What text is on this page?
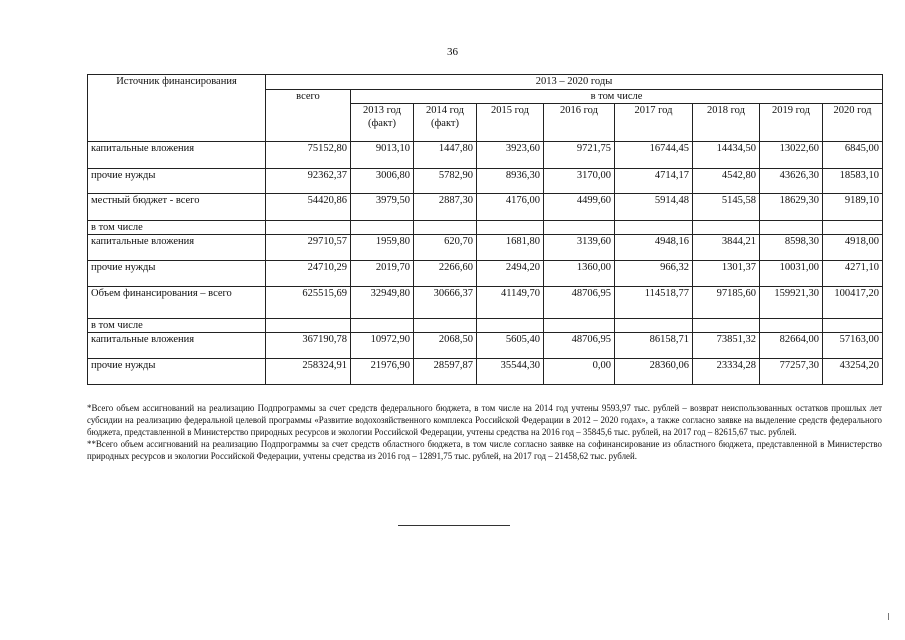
36
Источник финансирования	2013 – 2020 годы								
	всего	в том числе							
		2013 год (факт)	2014 год (факт)	2015 год	2016 год	2017 год	2018 год	2019 год	2020 год
капитальные вложения	75152,80	9013,10	1447,80	3923,60	9721,75	16744,45	14434,50	13022,60	6845,00
прочие нужды	92362,37	3006,80	5782,90	8936,30	3170,00	4714,17	4542,80	43626,30	18583,10
местный бюджет - всего	54420,86	3979,50	2887,30	4176,00	4499,60	5914,48	5145,58	18629,30	9189,10
в том числе									
капитальные вложения	29710,57	1959,80	620,70	1681,80	3139,60	4948,16	3844,21	8598,30	4918,00
прочие нужды	24710,29	2019,70	2266,60	2494,20	1360,00	966,32	1301,37	10031,00	4271,10
Объем финансирования – всего	625515,69	32949,80	30666,37	41149,70	48706,95	114518,77	97185,60	159921,30	100417,20
в том числе									
капитальные вложения	367190,78	10972,90	2068,50	5605,40	48706,95	86158,71	73851,32	82664,00	57163,00
прочие нужды	258324,91	21976,90	28597,87	35544,30	0,00	28360,06	23334,28	77257,30	43254,20

*Всего объем ассигнований на реализацию Подпрограммы за счет средств федерального бюджета, в том числе на 2014 год учтены 9593,97 тыс. рублей – возврат неиспользованных остатков прошлых лет субсидии на реализацию федеральной целевой программы «Развитие водохозяйственного комплекса Российской Федерации в 2012 – 2020 годах», а также согласно заявке на выделение средств федерального бюджета, представленной в Министерство природных ресурсов и экологии Российской Федерации, учтены средства на 2016 год – 35845,6 тыс. рублей, на 2017 год – 82615,67 тыс. рублей.

**Всего объем ассигнований на реализацию Подпрограммы за счет средств областного бюджета, в том числе согласно заявке на софинансирование из областного бюджета, представленной в Министерство природных ресурсов и экологии Российской Федерации, учтены средства из 2016 год – 12891,75 тыс. рублей, на 2017 год – 21458,62 тыс. рублей.
